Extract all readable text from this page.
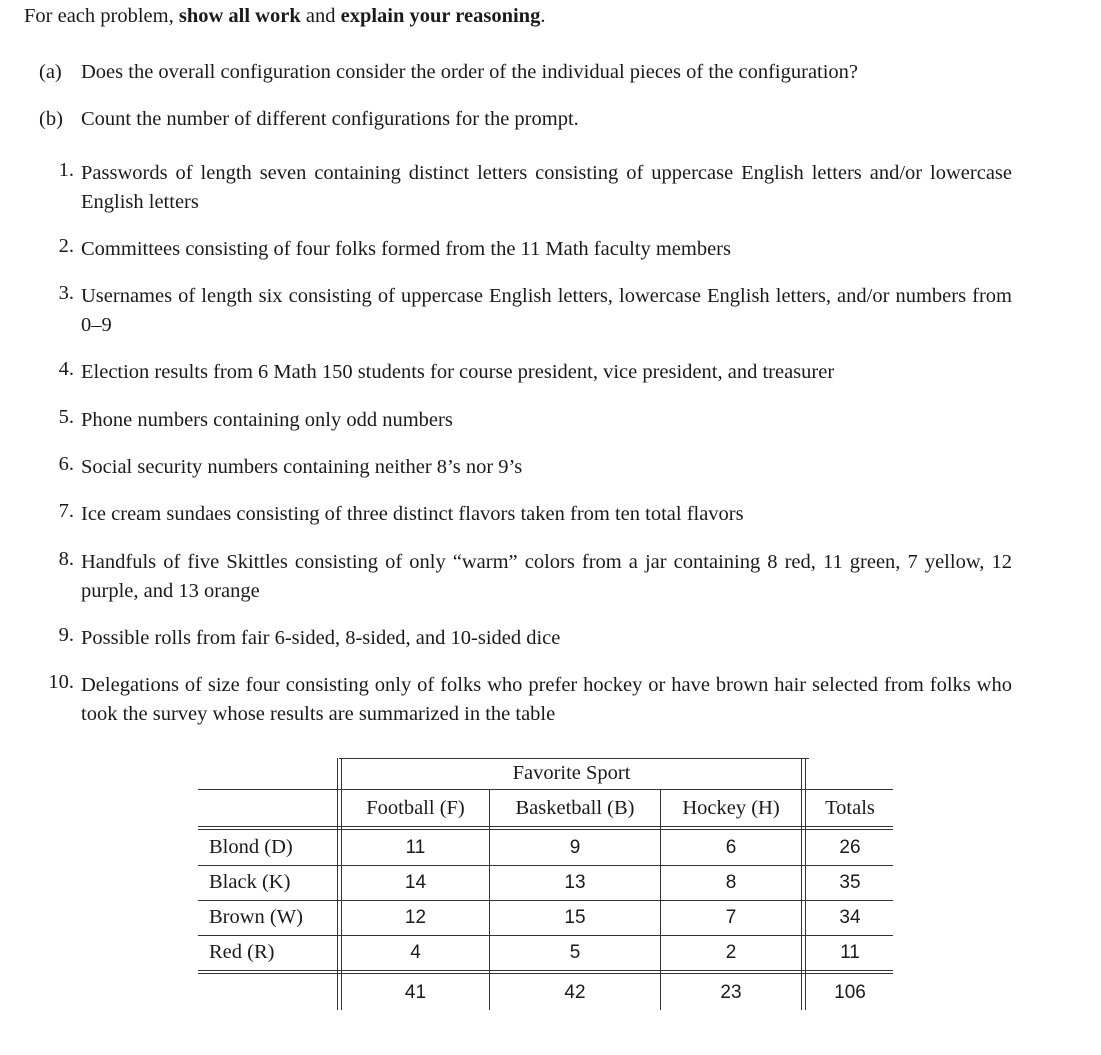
For each problem, show all work and explain your reasoning.
(a) Does the overall configuration consider the order of the individual pieces of the configuration?
(b) Count the number of different configurations for the prompt.
1. Passwords of length seven containing distinct letters consisting of uppercase English letters and/or lowercase English letters
2. Committees consisting of four folks formed from the 11 Math faculty members
3. Usernames of length six consisting of uppercase English letters, lowercase English letters, and/or numbers from 0–9
4. Election results from 6 Math 150 students for course president, vice president, and treasurer
5. Phone numbers containing only odd numbers
6. Social security numbers containing neither 8’s nor 9’s
7. Ice cream sundaes consisting of three distinct flavors taken from ten total flavors
8. Handfuls of five Skittles consisting of only “warm” colors from a jar containing 8 red, 11 green, 7 yellow, 12 purple, and 13 orange
9. Possible rolls from fair 6-sided, 8-sided, and 10-sided dice
10. Delegations of size four consisting only of folks who prefer hockey or have brown hair selected from folks who took the survey whose results are summarized in the table
Favorite Sport
Football (F)	Basketball (B)	Hockey (H)	Totals
Blond (D)	11	9	6	26
Black (K)	14	13	8	35
Brown (W)	12	15	7	34
Red (R)	4	5	2	11
41	42	23	106
